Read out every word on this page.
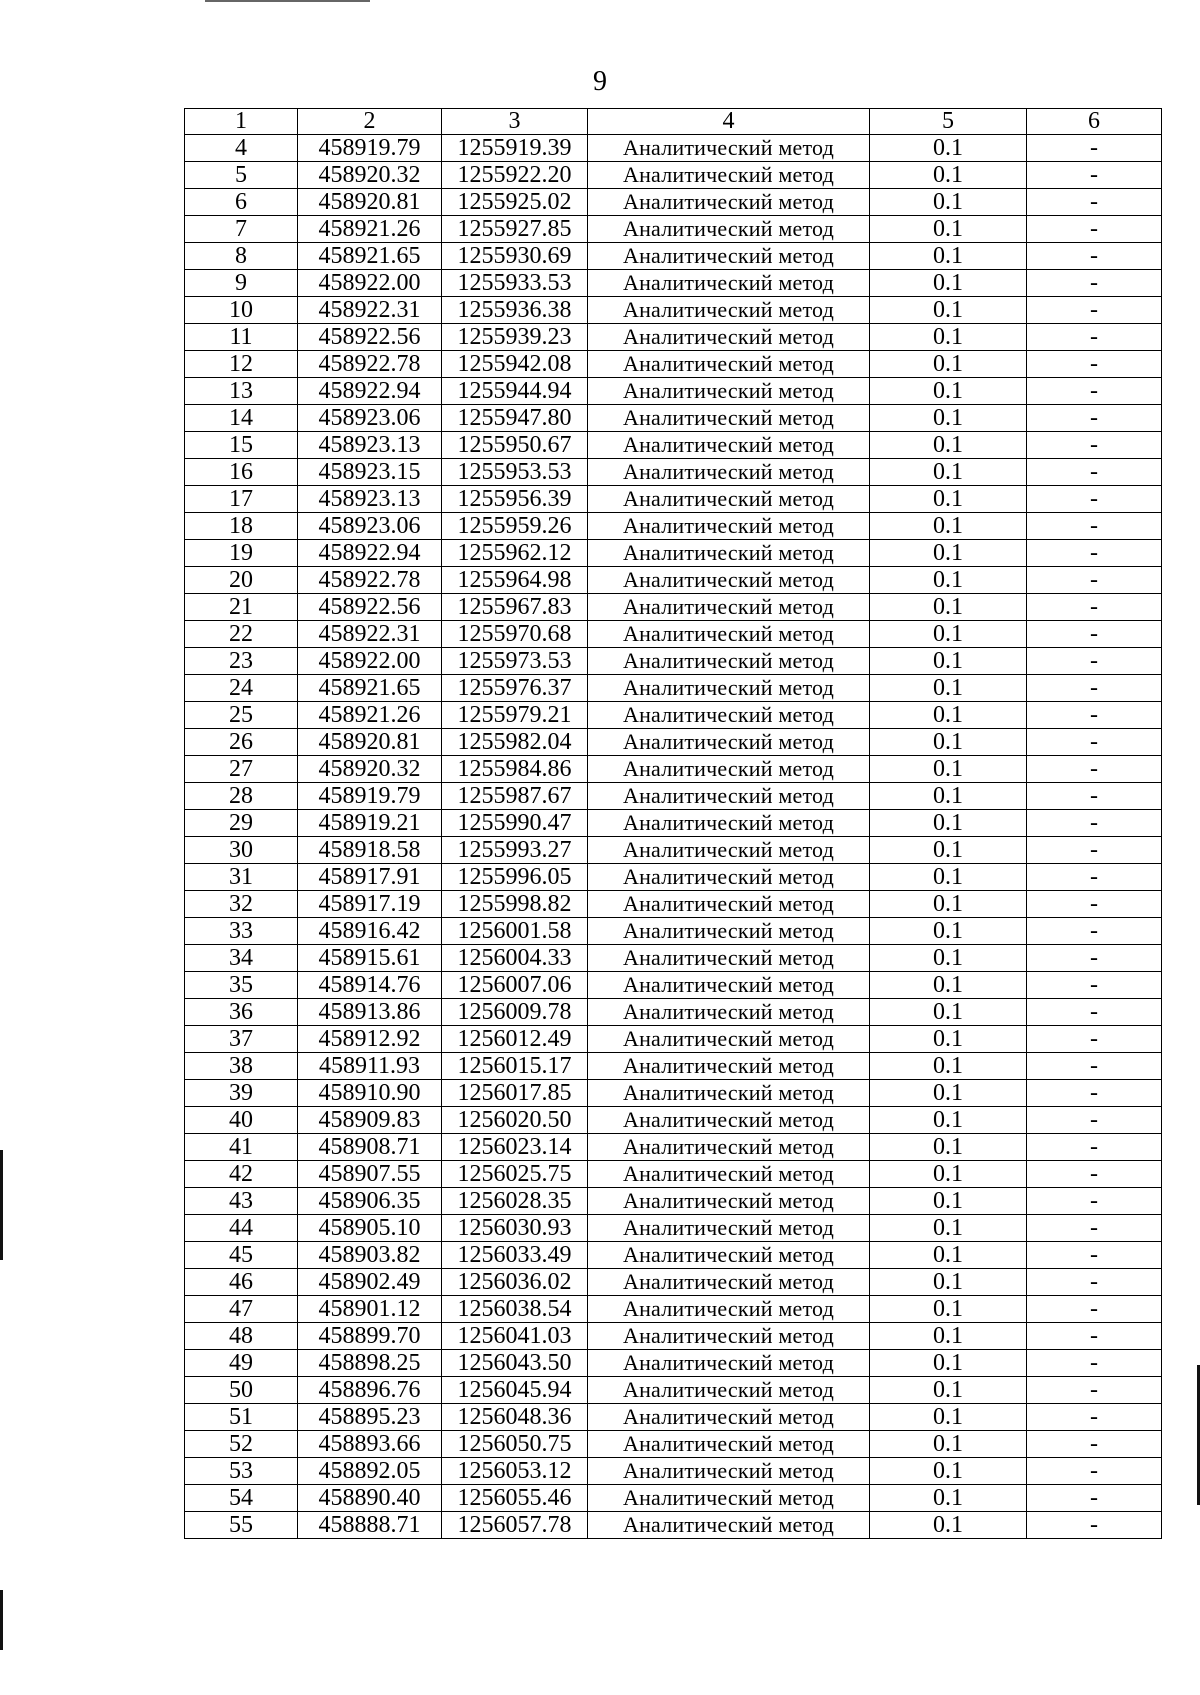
9
1	2	3	4	5	6
4	458919.79	1255919.39	Аналитический метод	0.1	-
5	458920.32	1255922.20	Аналитический метод	0.1	-
6	458920.81	1255925.02	Аналитический метод	0.1	-
7	458921.26	1255927.85	Аналитический метод	0.1	-
8	458921.65	1255930.69	Аналитический метод	0.1	-
9	458922.00	1255933.53	Аналитический метод	0.1	-
10	458922.31	1255936.38	Аналитический метод	0.1	-
11	458922.56	1255939.23	Аналитический метод	0.1	-
12	458922.78	1255942.08	Аналитический метод	0.1	-
13	458922.94	1255944.94	Аналитический метод	0.1	-
14	458923.06	1255947.80	Аналитический метод	0.1	-
15	458923.13	1255950.67	Аналитический метод	0.1	-
16	458923.15	1255953.53	Аналитический метод	0.1	-
17	458923.13	1255956.39	Аналитический метод	0.1	-
18	458923.06	1255959.26	Аналитический метод	0.1	-
19	458922.94	1255962.12	Аналитический метод	0.1	-
20	458922.78	1255964.98	Аналитический метод	0.1	-
21	458922.56	1255967.83	Аналитический метод	0.1	-
22	458922.31	1255970.68	Аналитический метод	0.1	-
23	458922.00	1255973.53	Аналитический метод	0.1	-
24	458921.65	1255976.37	Аналитический метод	0.1	-
25	458921.26	1255979.21	Аналитический метод	0.1	-
26	458920.81	1255982.04	Аналитический метод	0.1	-
27	458920.32	1255984.86	Аналитический метод	0.1	-
28	458919.79	1255987.67	Аналитический метод	0.1	-
29	458919.21	1255990.47	Аналитический метод	0.1	-
30	458918.58	1255993.27	Аналитический метод	0.1	-
31	458917.91	1255996.05	Аналитический метод	0.1	-
32	458917.19	1255998.82	Аналитический метод	0.1	-
33	458916.42	1256001.58	Аналитический метод	0.1	-
34	458915.61	1256004.33	Аналитический метод	0.1	-
35	458914.76	1256007.06	Аналитический метод	0.1	-
36	458913.86	1256009.78	Аналитический метод	0.1	-
37	458912.92	1256012.49	Аналитический метод	0.1	-
38	458911.93	1256015.17	Аналитический метод	0.1	-
39	458910.90	1256017.85	Аналитический метод	0.1	-
40	458909.83	1256020.50	Аналитический метод	0.1	-
41	458908.71	1256023.14	Аналитический метод	0.1	-
42	458907.55	1256025.75	Аналитический метод	0.1	-
43	458906.35	1256028.35	Аналитический метод	0.1	-
44	458905.10	1256030.93	Аналитический метод	0.1	-
45	458903.82	1256033.49	Аналитический метод	0.1	-
46	458902.49	1256036.02	Аналитический метод	0.1	-
47	458901.12	1256038.54	Аналитический метод	0.1	-
48	458899.70	1256041.03	Аналитический метод	0.1	-
49	458898.25	1256043.50	Аналитический метод	0.1	-
50	458896.76	1256045.94	Аналитический метод	0.1	-
51	458895.23	1256048.36	Аналитический метод	0.1	-
52	458893.66	1256050.75	Аналитический метод	0.1	-
53	458892.05	1256053.12	Аналитический метод	0.1	-
54	458890.40	1256055.46	Аналитический метод	0.1	-
55	458888.71	1256057.78	Аналитический метод	0.1	-
